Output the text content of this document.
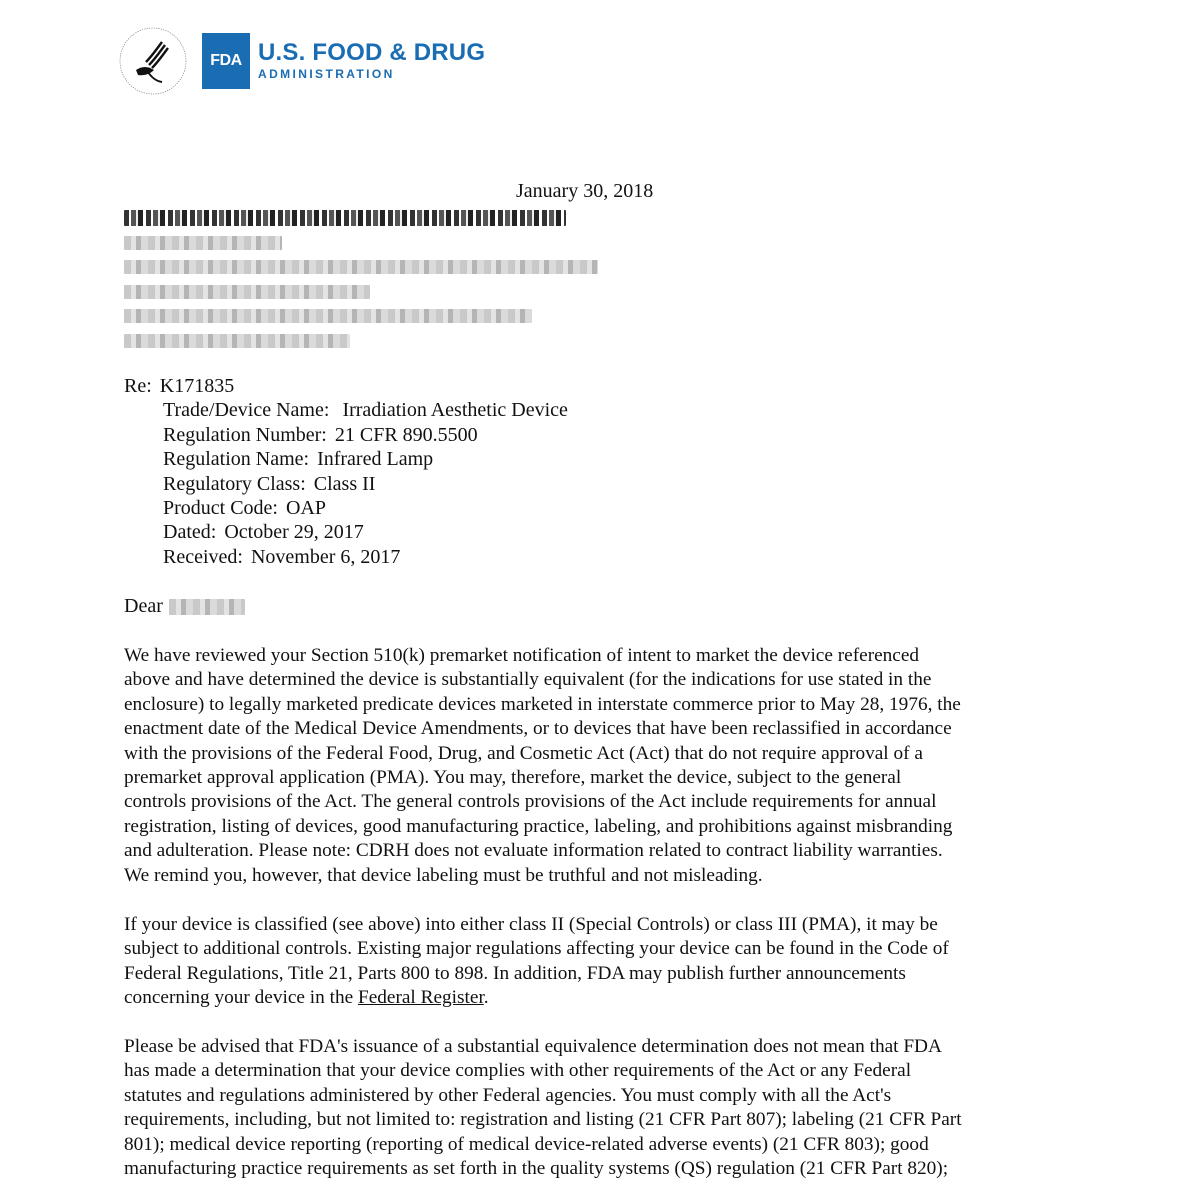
FDA U.S. FOOD & DRUG
ADMINISTRATION
January 30, 2018
Re: K171835
Trade/Device Name: Irradiation Aesthetic Device
Regulation Number: 21 CFR 890.5500
Regulation Name: Infrared Lamp
Regulatory Class: Class II
Product Code: OAP
Dated: October 29, 2017
Received: November 6, 2017
Dear
We have reviewed your Section 510(k) premarket notification of intent to market the device referenced
above and have determined the device is substantially equivalent (for the indications for use stated in the
enclosure) to legally marketed predicate devices marketed in interstate commerce prior to May 28, 1976, the
enactment date of the Medical Device Amendments, or to devices that have been reclassified in accordance
with the provisions of the Federal Food, Drug, and Cosmetic Act (Act) that do not require approval of a
premarket approval application (PMA). You may, therefore, market the device, subject to the general
controls provisions of the Act. The general controls provisions of the Act include requirements for annual
registration, listing of devices, good manufacturing practice, labeling, and prohibitions against misbranding
and adulteration. Please note: CDRH does not evaluate information related to contract liability warranties.
We remind you, however, that device labeling must be truthful and not misleading.
If your device is classified (see above) into either class II (Special Controls) or class III (PMA), it may be
subject to additional controls. Existing major regulations affecting your device can be found in the Code of
Federal Regulations, Title 21, Parts 800 to 898. In addition, FDA may publish further announcements
concerning your device in the Federal Register.
Please be advised that FDA's issuance of a substantial equivalence determination does not mean that FDA
has made a determination that your device complies with other requirements of the Act or any Federal
statutes and regulations administered by other Federal agencies. You must comply with all the Act's
requirements, including, but not limited to: registration and listing (21 CFR Part 807); labeling (21 CFR Part
801); medical device reporting (reporting of medical device-related adverse events) (21 CFR 803); good
manufacturing practice requirements as set forth in the quality systems (QS) regulation (21 CFR Part 820);
